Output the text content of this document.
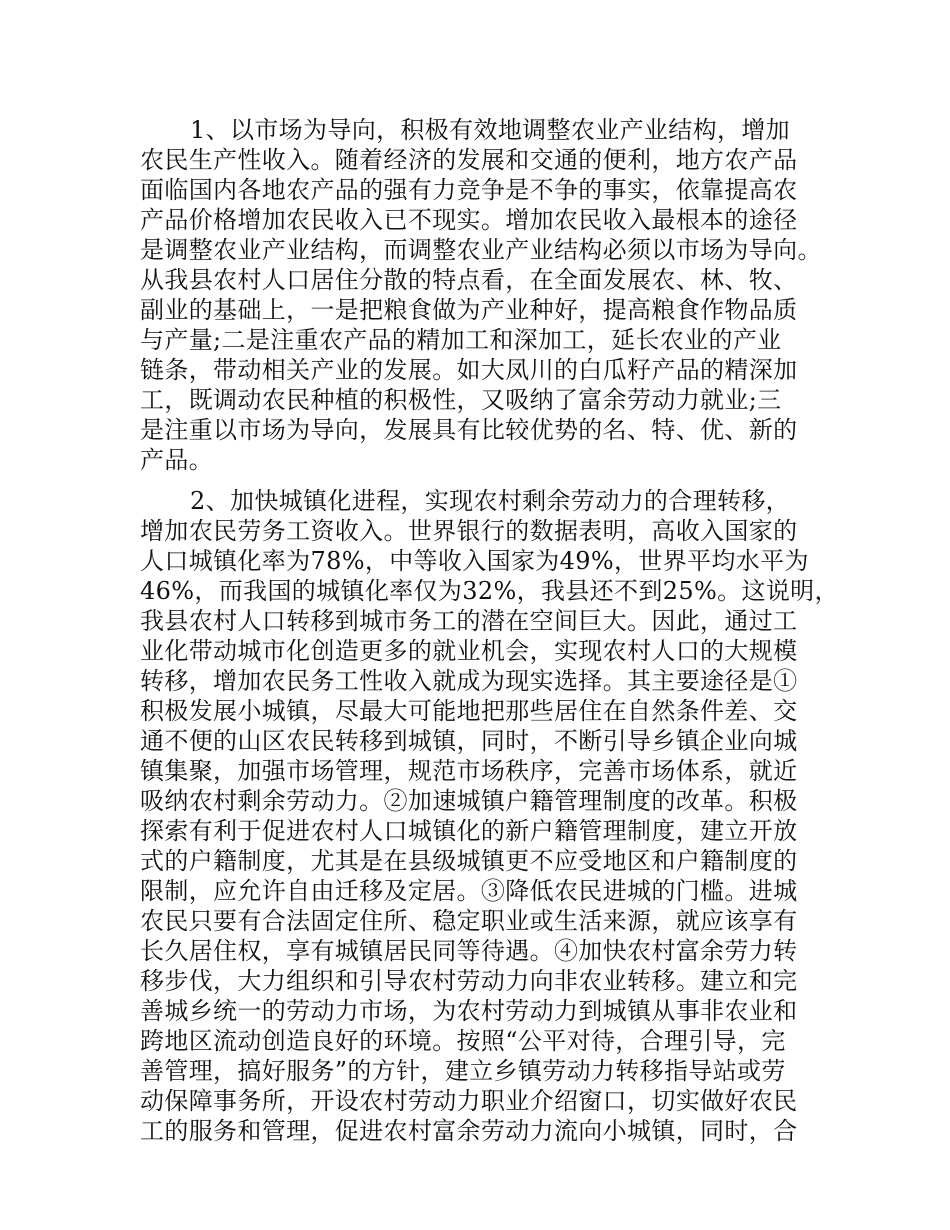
1、以市场为导向，积极有效地调整农业产业结构，增加
农民生产性收入。随着经济的发展和交通的便利，地方农产品
面临国内各地农产品的强有力竞争是不争的事实，依靠提高农
产品价格增加农民收入已不现实。增加农民收入最根本的途径
是调整农业产业结构，而调整农业产业结构必须以市场为导向。
从我县农村人口居住分散的特点看，在全面发展农、林、牧、
副业的基础上，一是把粮食做为产业种好，提高粮食作物品质
与产量;二是注重农产品的精加工和深加工，延长农业的产业
链条，带动相关产业的发展。如大凤川的白瓜籽产品的精深加
工，既调动农民种植的积极性，又吸纳了富余劳动力就业;三
是注重以市场为导向，发展具有比较优势的名、特、优、新的
产品。
2、加快城镇化进程，实现农村剩余劳动力的合理转移，
增加农民劳务工资收入。世界银行的数据表明，高收入国家的
人口城镇化率为78%，中等收入国家为49%，世界平均水平为
46%，而我国的城镇化率仅为32%，我县还不到25%。这说明，
我县农村人口转移到城市务工的潜在空间巨大。因此，通过工
业化带动城市化创造更多的就业机会，实现农村人口的大规模
转移，增加农民务工性收入就成为现实选择。其主要途径是①
积极发展小城镇，尽最大可能地把那些居住在自然条件差、交
通不便的山区农民转移到城镇，同时，不断引导乡镇企业向城
镇集聚，加强市场管理，规范市场秩序，完善市场体系，就近
吸纳农村剩余劳动力。②加速城镇户籍管理制度的改革。积极
探索有利于促进农村人口城镇化的新户籍管理制度，建立开放
式的户籍制度，尤其是在县级城镇更不应受地区和户籍制度的
限制，应允许自由迁移及定居。③降低农民进城的门槛。进城
农民只要有合法固定住所、稳定职业或生活来源，就应该享有
长久居住权，享有城镇居民同等待遇。④加快农村富余劳力转
移步伐，大力组织和引导农村劳动力向非农业转移。建立和完
善城乡统一的劳动力市场，为农村劳动力到城镇从事非农业和
跨地区流动创造良好的环境。按照“公平对待，合理引导，完
善管理，搞好服务”的方针，建立乡镇劳动力转移指导站或劳
动保障事务所，开设农村劳动力职业介绍窗口，切实做好农民
工的服务和管理，促进农村富余劳动力流向小城镇，同时，合
